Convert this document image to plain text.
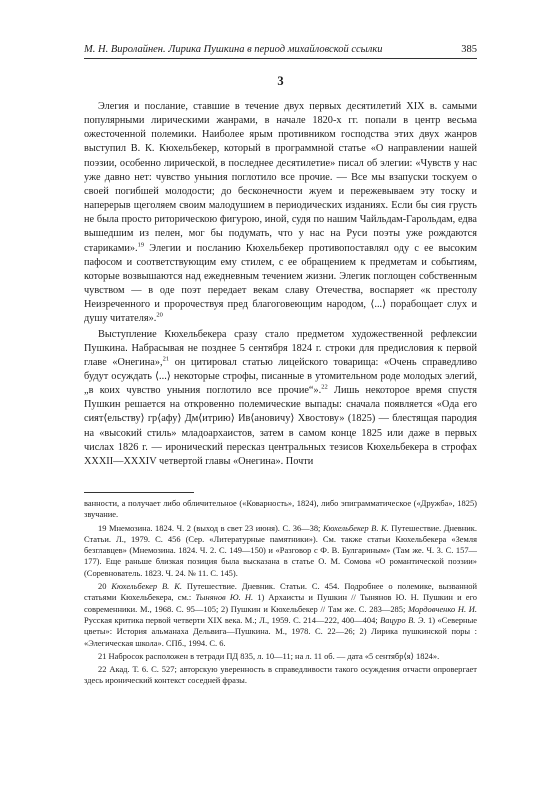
М. Н. Виролайнен. Лирика Пушкина в период михайловской ссылки	385
3

Элегия и послание, ставшие в течение двух первых десятилетий XIX в. самыми популярными лирическими жанрами, в начале 1820-х гг. попали в центр весьма ожесточенной полемики. Наиболее ярым противником господства этих двух жанров выступил В. К. Кюхельбекер, который в программной статье «О направлении нашей поэзии, особенно лирической, в последнее десятилетие» писал об элегии: «Чувств у нас уже давно нет: чувство уныния поглотило все прочие. — Все мы взапуски тоскуем о своей погибшей молодости; до бесконечности жуем и пережевываем эту тоску и наперерыв щеголяем своим малодушием в периодических изданиях. Если бы сия грусть не была просто риторическою фигурою, иной, судя по нашим Чайльдам-Гарольдам, едва вышедшим из пелен, мог бы подумать, что у нас на Руси поэты уже рождаются стариками».$^{19}$ Элегии и посланию Кюхельбекер противопоставлял оду с ее высоким пафосом и соответствующим ему стилем, с ее обращением к предметам и событиям, которые возвышаются над ежедневным течением жизни. Элегик поглощен собственным чувством — в оде поэт передает векам славу Отечества, воспаряет «к престолу Неизреченного и пророчествуя пред благоговеющим народом, ⟨...⟩ порабощает слух и душу читателя».$^{20}$

Выступление Кюхельбекера сразу стало предметом художественной рефлексии Пушкина. Набрасывая не позднее 5 сентября 1824 г. строки для предисловия к первой главе «Онегина»,$^{21}$ он цитировал статью лицейского товарища: «Очень справедливо будут осуждать ⟨...⟩ некоторые строфы, писанные в утомительном роде молодых элегий, „в коих чувство уныния поглотило все прочие“».$^{22}$ Лишь некоторое время спустя Пушкин решается на откровенно полемические выпады: сначала появляется «Ода его сият⟨ельству⟩ гр⟨афу⟩ Дм⟨итрию⟩ Ив⟨ановичу⟩ Хвостову» (1825) — блестящая пародия на «высокий стиль» младоархаистов, затем в самом конце 1825 или даже в первых числах 1826 г. — иронический пересказ центральных тезисов Кюхельбекера в строфах XXXII—XXXIV четвертой главы «Онегина». Почти

ванности, а получает либо обличительное («Коварность», 1824), либо эпиграмматическое («Дружба», 1825) звучание.

19 Мнемозина. 1824. Ч. 2 (выход в свет 23 июня). С. 36—38; Кюхельбекер В. К. Путешествие. Дневник. Статьи. Л., 1979. С. 456 (Сер. «Литературные памятники»). См. также статьи Кюхельбекера «Земля безглавцев» (Мнемозина. 1824. Ч. 2. С. 149—150) и «Разговор с Ф. В. Булгариным» (Там же. Ч. 3. С. 157—177). Еще раньше близкая позиция была высказана в статье О. М. Сомова «О романтической поэзии» (Соревнователь. 1823. Ч. 24. № 11. С. 145).

20 Кюхельбекер В. К. Путешествие. Дневник. Статьи. С. 454. Подробнее о полемике, вызванной статьями Кюхельбекера, см.: Тынянов Ю. Н. 1) Архаисты и Пушкин // Тынянов Ю. Н. Пушкин и его современники. М., 1968. С. 95—105; 2) Пушкин и Кюхельбекер // Там же. С. 283—285; Мордовченко Н. И. Русская критика первой четверти XIX века. М.; Л., 1959. С. 214—222, 400—404; Вацуро В. Э. 1) «Северные цветы»: История альманаха Дельвига—Пушкина. М., 1978. С. 22—26; 2) Лирика пушкинской поры : «Элегическая школа». СПб., 1994. С. 6.

21 Набросок расположен в тетради ПД 835, л. 10—11; на л. 11 об. — дата «5 сентябр⟨я⟩ 1824».

22 Акад. Т. 6. С. 527; авторскую уверенность в справедливости такого осуждения отчасти опровергает здесь иронический контекст соседней фразы.
